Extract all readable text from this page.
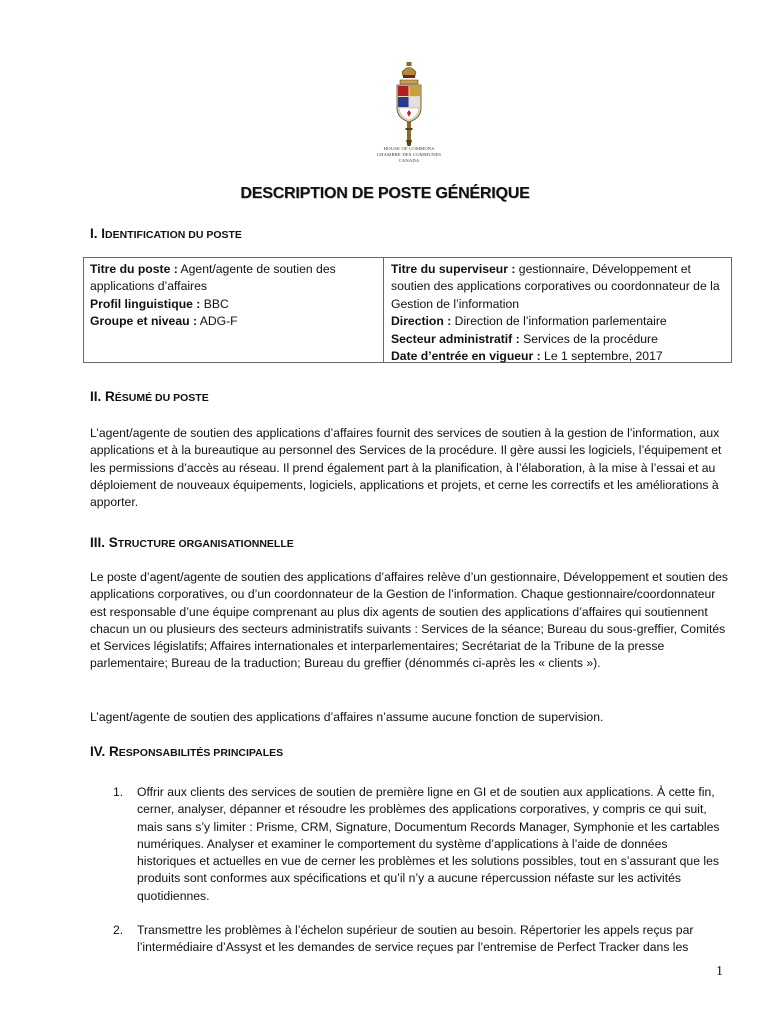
HOUSE OF COMMONS
CHAMBRE DES COMMUNES
CANADA
DESCRIPTION DE POSTE GÉNÉRIQUE
I. IDENTIFICATION DU POSTE

Titre du poste : Agent/agente de soutien des applications d’affaires

Profil linguistique : BBC

Groupe et niveau : ADG-F

Titre du superviseur : gestionnaire, Développement et soutien des applications corporatives ou coordonnateur de la Gestion de l’information

Direction : Direction de l’information parlementaire

Secteur administratif : Services de la procédure

Date d’entrée en vigueur : Le 1 septembre, 2017

II. RÉSUMÉ DU POSTE

L’agent/agente de soutien des applications d’affaires fournit des services de soutien à la gestion de l’information, aux applications et à la bureautique au personnel des Services de la procédure. Il gère aussi les logiciels, l’équipement et les permissions d’accès au réseau. Il prend également part à la planification, à l’élaboration, à la mise à l’essai et au déploiement de nouveaux équipements, logiciels, applications et projets, et cerne les correctifs et les améliorations à apporter.

III. STRUCTURE ORGANISATIONNELLE

Le poste d’agent/agente de soutien des applications d’affaires relève d’un gestionnaire, Développement et soutien des applications corporatives, ou d’un coordonnateur de la Gestion de l’information. Chaque gestionnaire/coordonnateur est responsable d’une équipe comprenant au plus dix agents de soutien des applications d’affaires qui soutiennent chacun un ou plusieurs des secteurs administratifs suivants : Services de la séance; Bureau du sous-greffier, Comités et Services législatifs; Affaires internationales et interparlementaires; Secrétariat de la Tribune de la presse parlementaire; Bureau de la traduction; Bureau du greffier (dénommés ci-après les « clients »).

L’agent/agente de soutien des applications d’affaires n’assume aucune fonction de supervision.

IV. RESPONSABILITÉS PRINCIPALES
1. Offrir aux clients des services de soutien de première ligne en GI et de soutien aux applications. À cette fin, cerner, analyser, dépanner et résoudre les problèmes des applications corporatives, y compris ce qui suit, mais sans s’y limiter : Prisme, CRM, Signature, Documentum Records Manager, Symphonie et les cartables numériques. Analyser et examiner le comportement du système d’applications à l’aide de données historiques et actuelles en vue de cerner les problèmes et les solutions possibles, tout en s’assurant que les produits sont conformes aux spécifications et qu’il n’y a aucune répercussion néfaste sur les activités quotidiennes.

2. Transmettre les problèmes à l’échelon supérieur de soutien au besoin. Répertorier les appels reçus par l’intermédiaire d’Assyst et les demandes de service reçues par l’entremise de Perfect Tracker dans les

1
